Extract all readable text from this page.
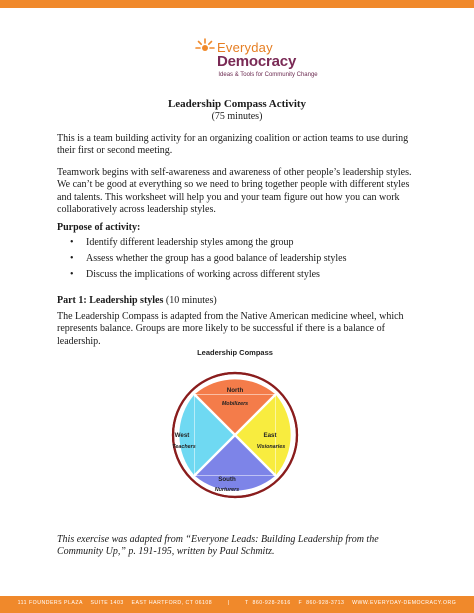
Everyday
Democracy
Ideas & Tools for Community Change
Leadership Compass Activity
(75 minutes)
This is a team building activity for an organizing coalition or action teams to use during their first or second meeting.
Teamwork begins with self-awareness and awareness of other people’s leadership styles. We can’t be good at everything so we need to bring together people with different styles and talents. This worksheet will help you and your team figure out how you can work collaboratively across leadership styles.
Purpose of activity:
• Identify different leadership styles among the group
• Assess whether the group has a good balance of leadership styles
• Discuss the implications of working across different styles
Part 1: Leadership styles (10 minutes)
The Leadership Compass is adapted from the Native American medicine wheel, which represents balance. Groups are more likely to be successful if there is a balance of leadership.
Leadership Compass
North
Mobilizers
East
Visionaries
South
Nurturers
West
Teachers
This exercise was adapted from “Everyone Leads: Building Leadership from the Community Up,” p. 191-195, written by Paul Schmitz.
111 FOUNDERS PLAZA    SUITE 1403    EAST HARTFORD, CT 06108        |        T  860-928-2616    F  860-928-3713    WWW.EVERYDAY-DEMOCRACY.ORG
